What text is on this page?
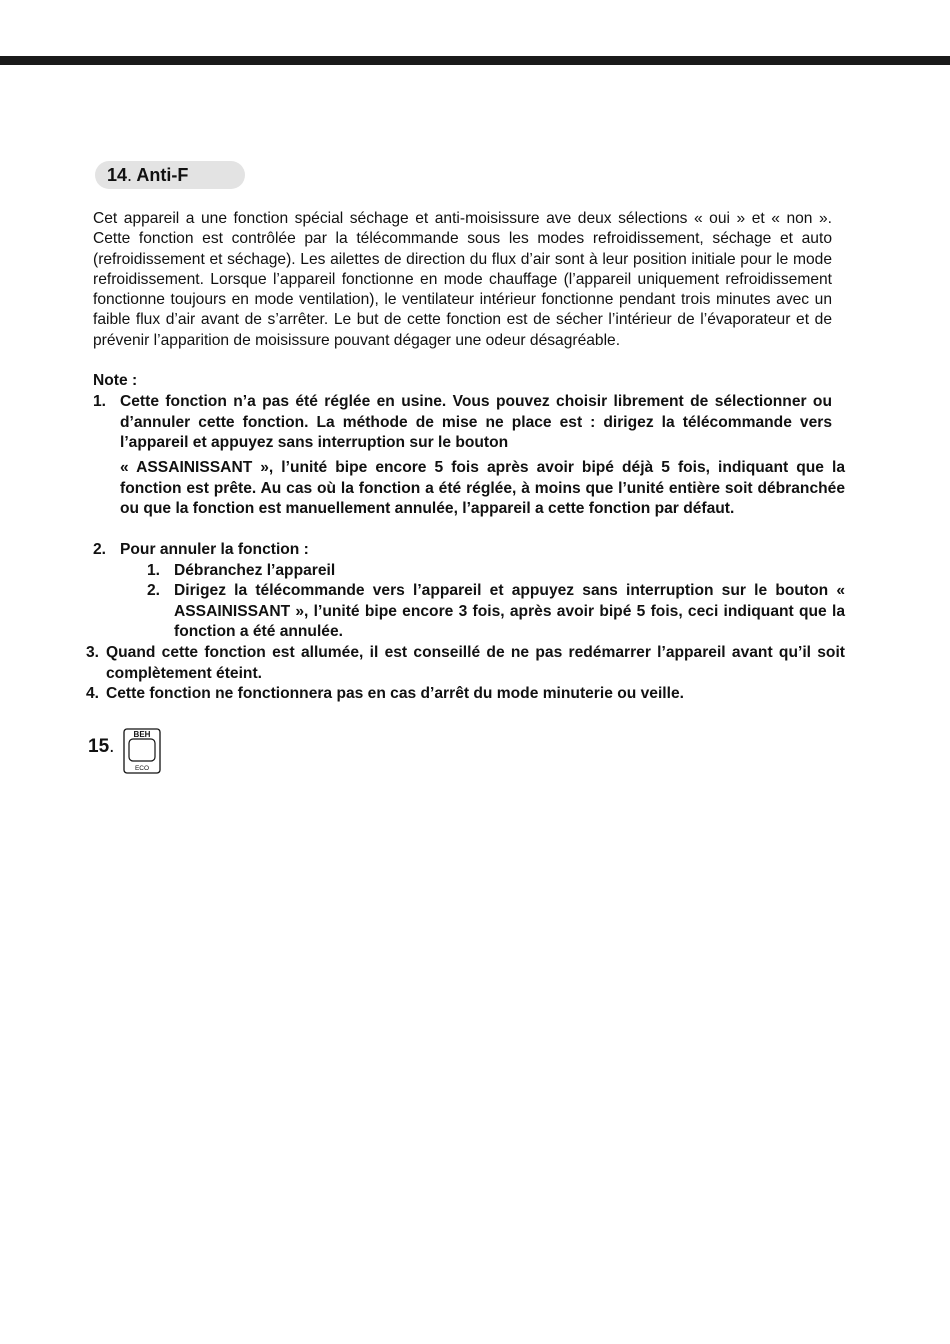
14. Anti-F
Cet appareil a une fonction spécial séchage et anti-moisissure ave deux sélections « oui » et « non ». Cette fonction est contrôlée par la télécommande sous les modes refroidissement, séchage et auto (refroidissement et séchage). Les ailettes de direction du flux d’air sont à leur position initiale pour le mode refroidissement. Lorsque l’appareil fonctionne en mode chauffage (l’appareil uniquement refroidissement fonctionne toujours en mode ventilation), le ventilateur intérieur fonctionne pendant trois minutes avec un faible flux d’air avant de s’arrêter. Le but de cette fonction est de sécher l’intérieur de l’évaporateur et de prévenir l’apparition de moisissure pouvant dégager une odeur désagréable.
Note :
1. Cette fonction n’a pas été réglée en usine. Vous pouvez choisir librement de sélectionner ou d’annuler cette fonction. La méthode de mise ne place est : dirigez la télécommande vers l’appareil et appuyez sans interruption sur le bouton
« ASSAINISSANT », l’unité bipe encore 5 fois après avoir bipé déjà 5 fois, indiquant que la fonction est prête. Au cas où la fonction a été réglée, à moins que l’unité entière soit débranchée ou que la fonction est manuellement annulée, l’appareil a cette fonction par défaut.
2. Pour annuler la fonction :
1. Débranchez l’appareil
2. Dirigez la télécommande vers l’appareil et appuyez sans interruption sur le bouton « ASSAINISSANT », l’unité bipe encore 3 fois, après avoir bipé 5 fois, ceci indiquant que la fonction a été annulée.
3. Quand cette fonction est allumée, il est conseillé de ne pas redémarrer l’appareil avant qu’il soit complètement éteint.
4. Cette fonction ne fonctionnera pas en cas d’arrêt du mode minuterie ou veille.
15.
ВЕН
ECO
